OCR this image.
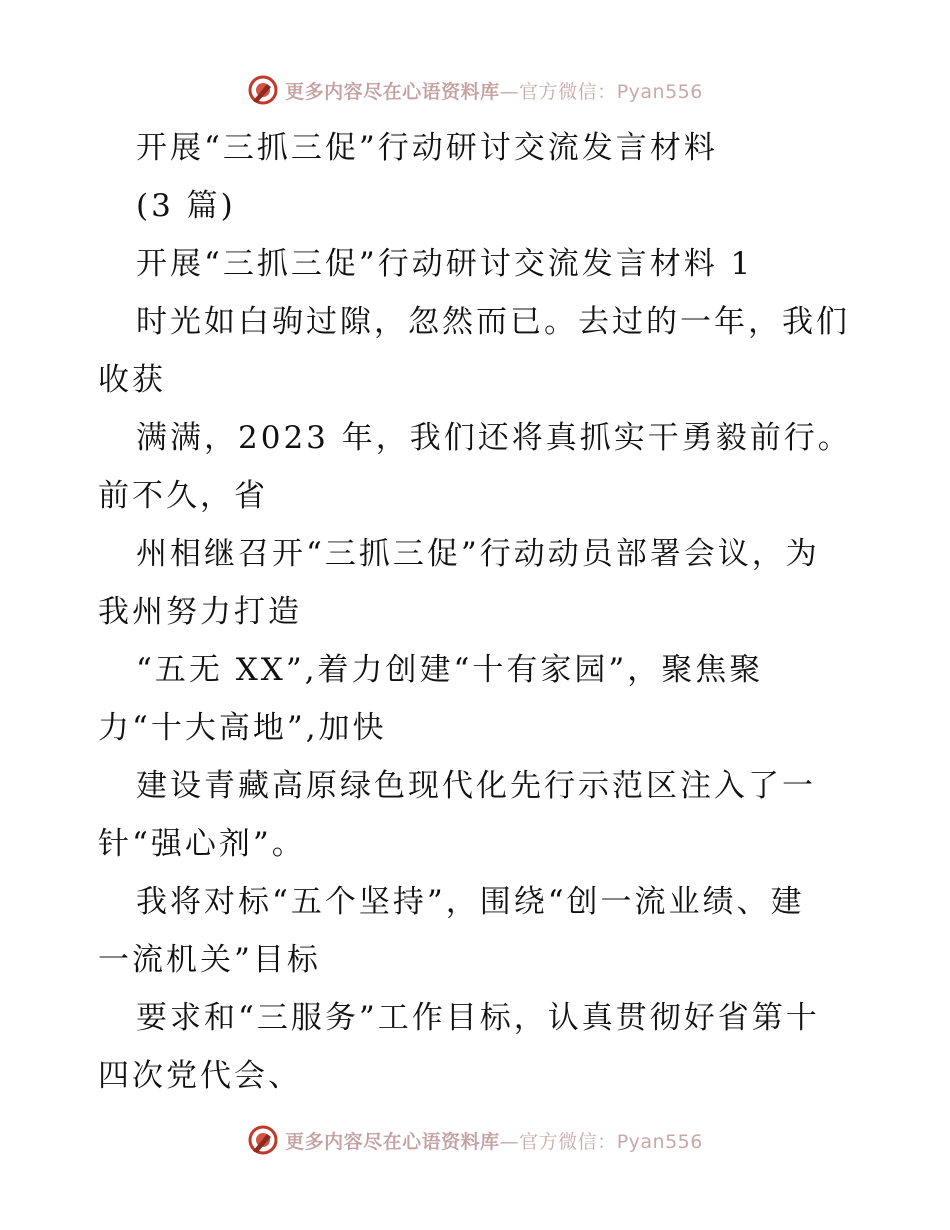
更多内容尽在心语资料库—官方微信：Pyan556
开展“三抓三促”行动研讨交流发言材料
(3 篇)
开展“三抓三促”行动研讨交流发言材料 1
时光如白驹过隙，忽然而已。去过的一年，我们
收获
满满，2023 年，我们还将真抓实干勇毅前行。
前不久，省
州相继召开“三抓三促”行动动员部署会议，为
我州努力打造
“五无 XX”,着力创建“十有家园”，聚焦聚
力“十大高地”,加快
建设青藏高原绿色现代化先行示范区注入了一
针“强心剂”。
我将对标“五个坚持”，围绕“创一流业绩、建
一流机关”目标
要求和“三服务”工作目标，认真贯彻好省第十
四次党代会、
更多内容尽在心语资料库—官方微信：Pyan556
